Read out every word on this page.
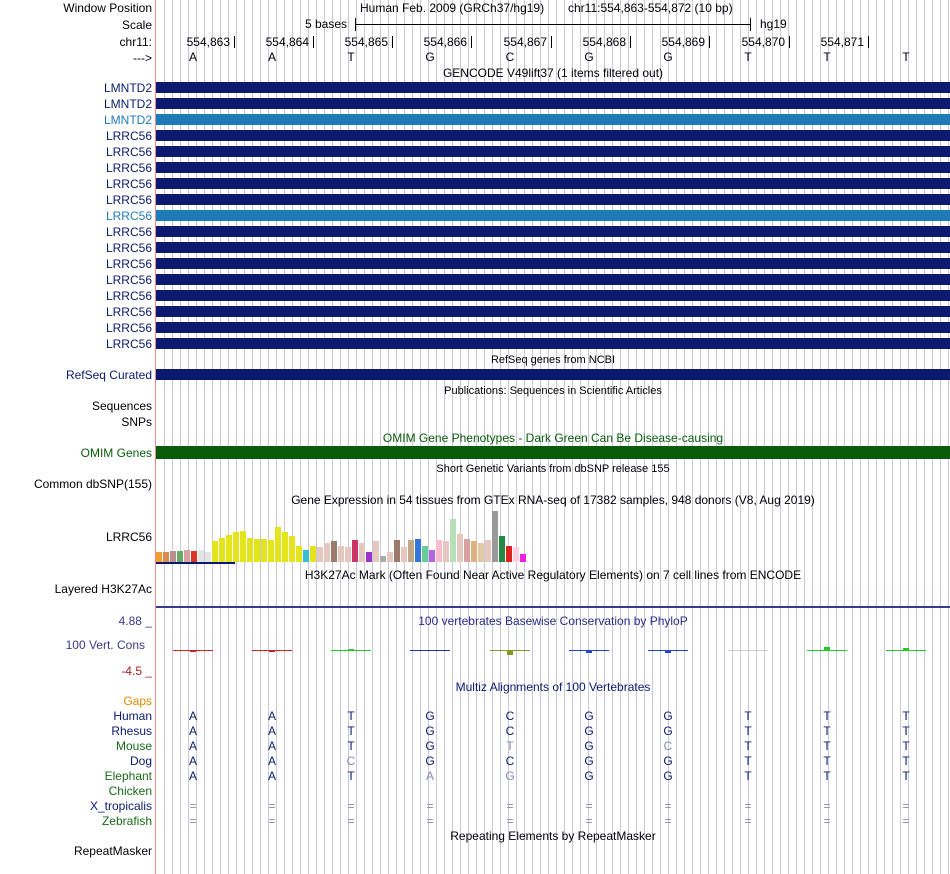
Window Position
Scale
chr11:
--->
Human Feb. 2009 (GRCh37/hg19) chr11:554,863-554,872 (10 bp)
5 bases	hg19
554,863	554,864	554,865	554,866	554,867	554,868	554,869	554,870	554,871
A	A	T	G	C	G	G	T	T	T
GENCODE V49lift37 (1 items filtered out)
LMNTD2
LMNTD2
LMNTD2
LRRC56
LRRC56
LRRC56
LRRC56
LRRC56
LRRC56
LRRC56
LRRC56
LRRC56
LRRC56
LRRC56
LRRC56
LRRC56
LRRC56
RefSeq genes from NCBI
RefSeq Curated
Publications: Sequences in Scientific Articles
Sequences
SNPs
OMIM Gene Phenotypes - Dark Green Can Be Disease-causing
OMIM Genes
Short Genetic Variants from dbSNP release 155
Common dbSNP(155)
Gene Expression in 54 tissues from GTEx RNA-seq of 17382 samples, 948 donors (V8, Aug 2019)
LRRC56
H3K27Ac Mark (Often Found Near Active Regulatory Elements) on 7 cell lines from ENCODE
Layered H3K27Ac
100 vertebrates Basewise Conservation by PhyloP
4.88 _
100 Vert. Cons
-4.5 _
Multiz Alignments of 100 Vertebrates
Gaps
Human	A	A	T	G	C	G	G	T	T	T
Rhesus	A	A	T	G	C	G	G	T	T	T
Mouse	A	A	T	G	T	G	C	T	T	T
Dog	A	A	C	G	C	G	G	T	T	T
Elephant	A	A	T	A	G	G	G	T	T	T
Chicken
X_tropicalis	=	=	=	=	=	=	=	=	=	=
Zebrafish	=	=	=	=	=	=	=	=	=	=
Repeating Elements by RepeatMasker
RepeatMasker
